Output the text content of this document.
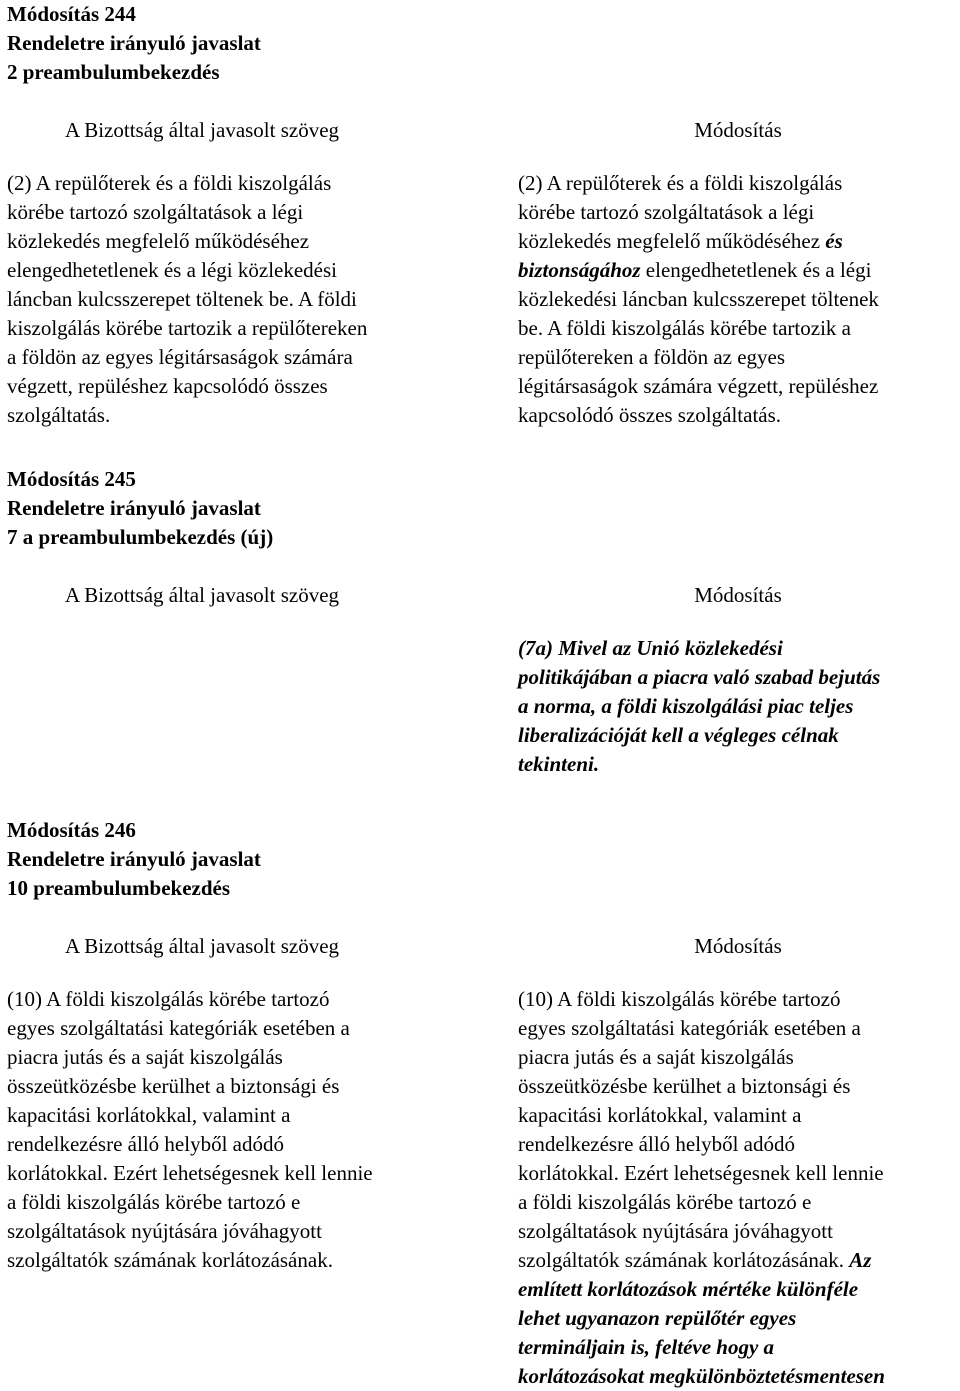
Módosítás 244
Rendeletre irányuló javaslat
2 preambulumbekezdés
A Bizottság által javasolt szöveg
(2) A repülőterek és a földi kiszolgálás
körébe tartozó szolgáltatások a légi
közlekedés megfelelő működéséhez
elengedhetetlenek és a légi közlekedési
láncban kulcsszerepet töltenek be. A földi
kiszolgálás körébe tartozik a repülőtereken
a földön az egyes légitársaságok számára
végzett, repüléshez kapcsolódó összes
szolgáltatás.
Módosítás
(2) A repülőterek és a földi kiszolgálás
körébe tartozó szolgáltatások a légi
közlekedés megfelelő működéséhez és
biztonságához elengedhetetlenek és a légi
közlekedési láncban kulcsszerepet töltenek
be. A földi kiszolgálás körébe tartozik a
repülőtereken a földön az egyes
légitársaságok számára végzett, repüléshez
kapcsolódó összes szolgáltatás.
Módosítás 245
Rendeletre irányuló javaslat
7 a preambulumbekezdés (új)
A Bizottság által javasolt szöveg	Módosítás
(7a) Mivel az Unió közlekedési
politikájában a piacra való szabad bejutás
a norma, a földi kiszolgálási piac teljes
liberalizációját kell a végleges célnak
tekinteni.
Módosítás 246
Rendeletre irányuló javaslat
10 preambulumbekezdés
A Bizottság által javasolt szöveg
(10) A földi kiszolgálás körébe tartozó
egyes szolgáltatási kategóriák esetében a
piacra jutás és a saját kiszolgálás
összeütközésbe kerülhet a biztonsági és
kapacitási korlátokkal, valamint a
rendelkezésre álló helyből adódó
korlátokkal. Ezért lehetségesnek kell lennie
a földi kiszolgálás körébe tartozó e
szolgáltatások nyújtására jóváhagyott
szolgáltatók számának korlátozásának.
Módosítás
(10) A földi kiszolgálás körébe tartozó
egyes szolgáltatási kategóriák esetében a
piacra jutás és a saját kiszolgálás
összeütközésbe kerülhet a biztonsági és
kapacitási korlátokkal, valamint a
rendelkezésre álló helyből adódó
korlátokkal. Ezért lehetségesnek kell lennie
a földi kiszolgálás körébe tartozó e
szolgáltatások nyújtására jóváhagyott
szolgáltatók számának korlátozásának. Az
említett korlátozások mértéke különféle
lehet ugyanazon repülőtér egyes
termináljain is, feltéve hogy a
korlátozásokat megkülönböztetésmentesen
